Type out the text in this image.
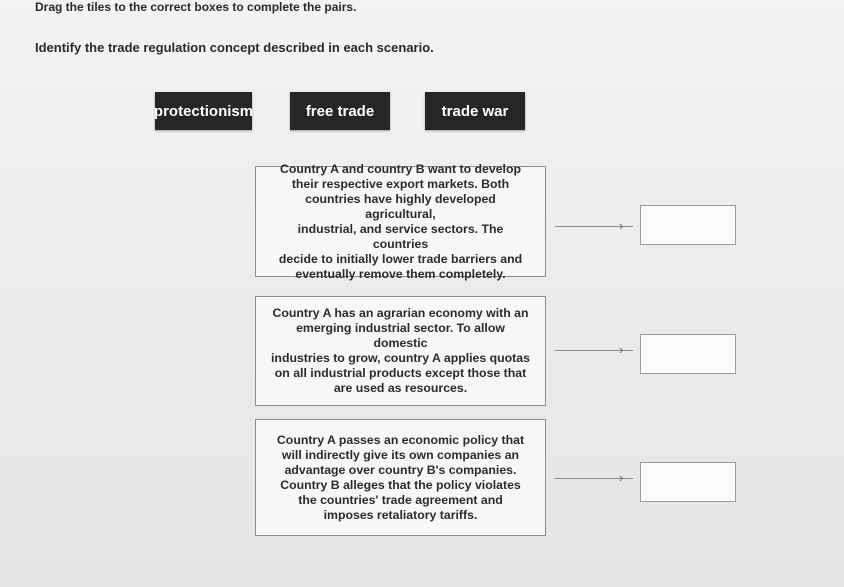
Drag the tiles to the correct boxes to complete the pairs.
Identify the trade regulation concept described in each scenario.
protectionism	free trade	trade war
Country A and country B want to develop
their respective export markets. Both
countries have highly developed agricultural,
industrial, and service sectors. The countries
decide to initially lower trade barriers and
eventually remove them completely.
›
Country A has an agrarian economy with an
emerging industrial sector. To allow domestic
industries to grow, country A applies quotas
on all industrial products except those that
are used as resources.
›
Country A passes an economic policy that
will indirectly give its own companies an
advantage over country B's companies.
Country B alleges that the policy violates
the countries' trade agreement and
imposes retaliatory tariffs.
›
